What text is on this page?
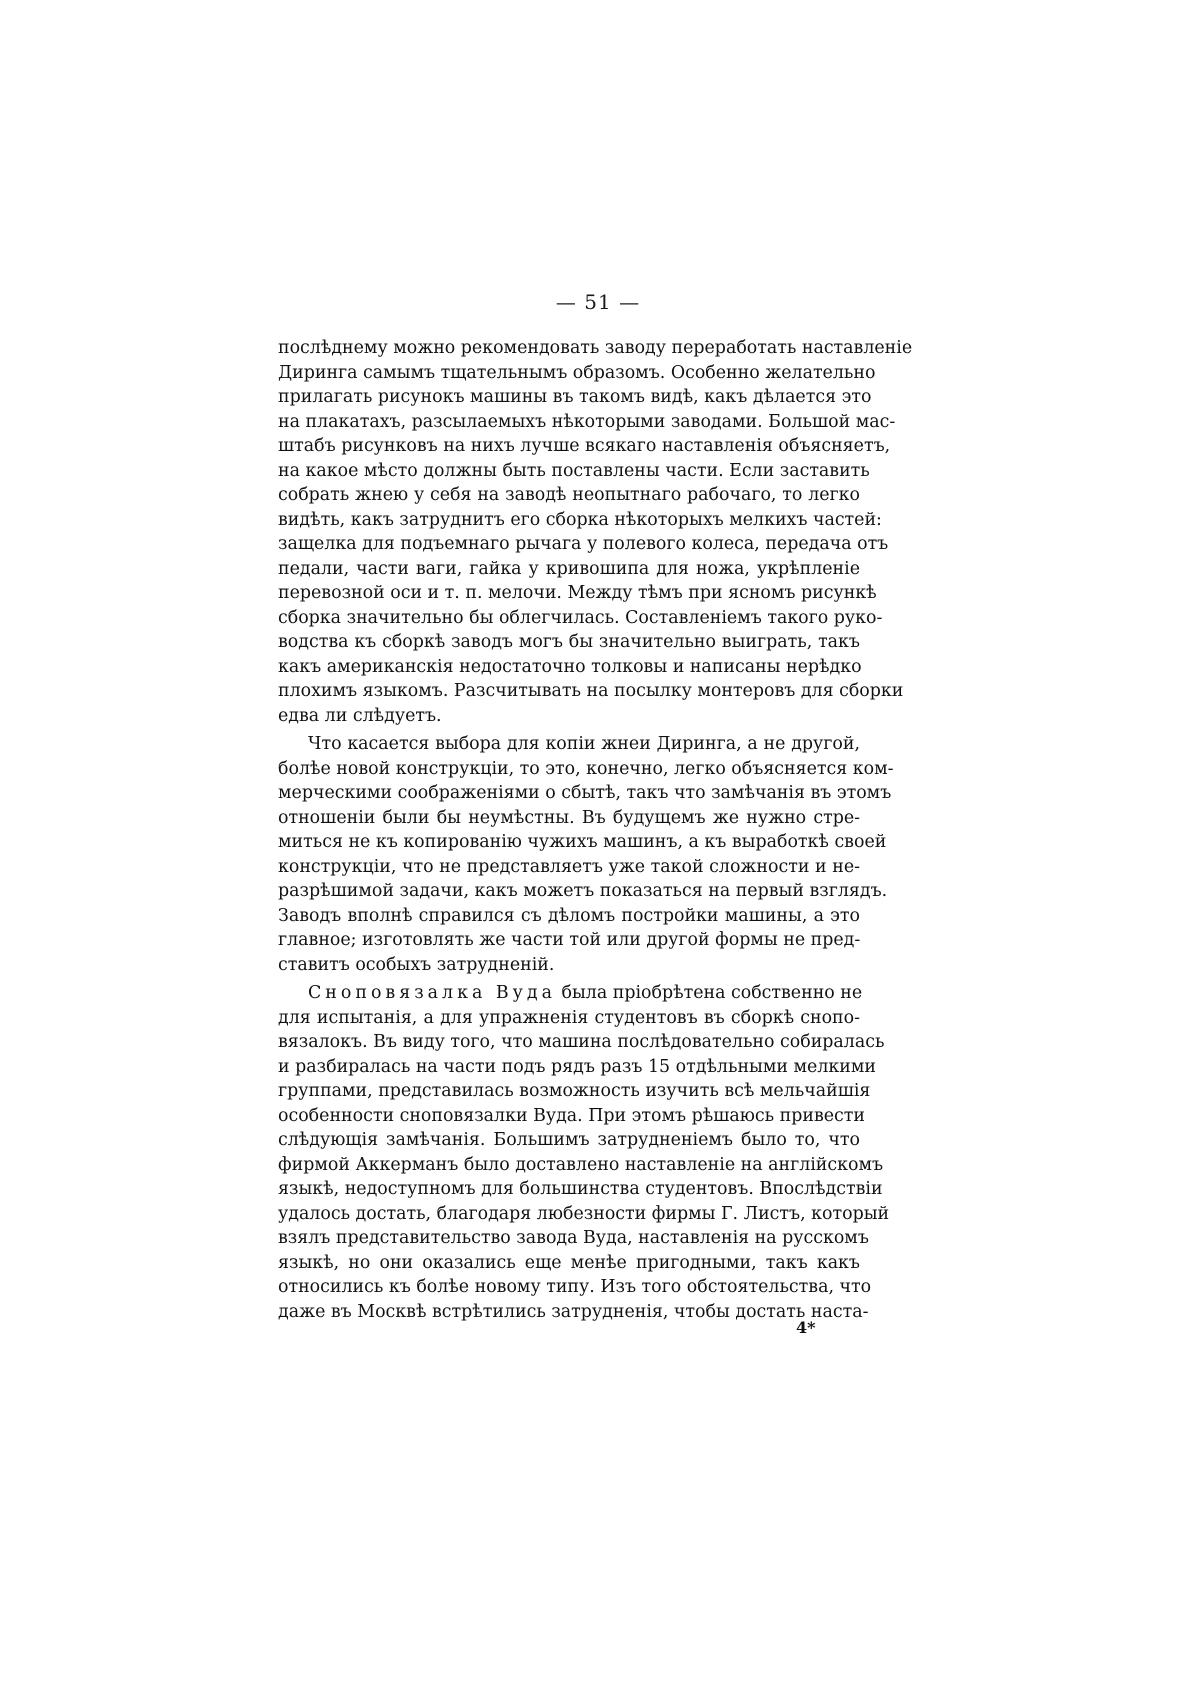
— 51 —
послѣднему можно рекомендовать заводу переработать наставленіе
Диринга самымъ тщательнымъ образомъ. Особенно желательно
прилагать рисунокъ машины въ такомъ видѣ, какъ дѣлается это
на плакатахъ, разсылаемыхъ нѣкоторыми заводами. Большой мас-
штабъ рисунковъ на нихъ лучше всякаго наставленія объясняетъ,
на какое мѣсто должны быть поставлены части. Если заставить
собрать жнею у себя на заводѣ неопытнаго рабочаго, то легко
видѣть, какъ затруднитъ его сборка нѣкоторыхъ мелкихъ частей:
защелка для подъемнаго рычага у полевого колеса, передача отъ
педали, части ваги, гайка у кривошипа для ножа, укрѣпленіе
перевозной оси и т. п. мелочи. Между тѣмъ при ясномъ рисункѣ
сборка значительно бы облегчилась. Составленіемъ такого руко-
водства къ сборкѣ заводъ могъ бы значительно выиграть, такъ
какъ американскія недостаточно толковы и написаны нерѣдко
плохимъ языкомъ. Разсчитывать на посылку монтеровъ для сборки
едва ли слѣдуетъ.
Что касается выбора для копіи жнеи Диринга, а не другой,
болѣе новой конструкціи, то это, конечно, легко объясняется ком-
мерческими соображеніями о сбытѣ, такъ что замѣчанія въ этомъ
отношеніи были бы неумѣстны. Въ будущемъ же нужно стре-
миться не къ копированію чужихъ машинъ, а къ выработкѣ своей
конструкціи, что не представляетъ уже такой сложности и не-
разрѣшимой задачи, какъ можетъ показаться на первый взглядъ.
Заводъ вполнѣ справился съ дѣломъ постройки машины, а это
главное; изготовлять же части той или другой формы не пред-
ставитъ особыхъ затрудненій.
Сноповязалка Вуда была пріобрѣтена собственно не
для испытанія, а для упражненія студентовъ въ сборкѣ снопо-
вязалокъ. Въ виду того, что машина послѣдовательно собиралась
и разбиралась на части подъ рядъ разъ 15 отдѣльными мелкими
группами, представилась возможность изучить всѣ мельчайшія
особенности сноповязалки Вуда. При этомъ рѣшаюсь привести
слѣдующія замѣчанія. Большимъ затрудненіемъ было то, что
фирмой Аккерманъ было доставлено наставленіе на англійскомъ
языкѣ, недоступномъ для большинства студентовъ. Впослѣдствіи
удалось достать, благодаря любезности фирмы Г. Листъ, который
взялъ представительство завода Вуда, наставленія на русскомъ
языкѣ, но они оказались еще менѣе пригодными, такъ какъ
относились къ болѣе новому типу. Изъ того обстоятельства, что
даже въ Москвѣ встрѣтились затрудненія, чтобы достать наста-
4*
